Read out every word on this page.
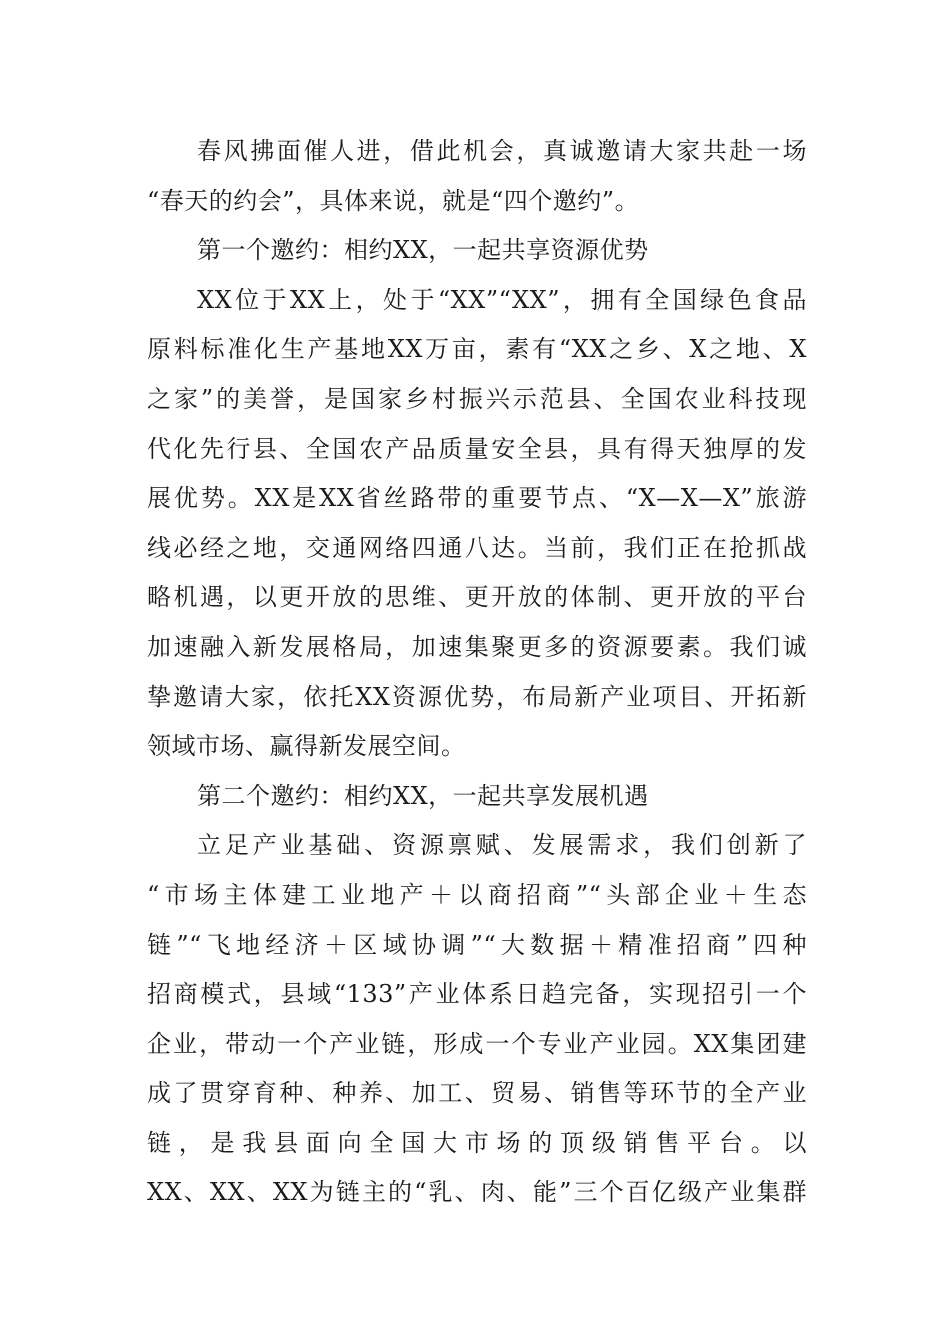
春风拂面催人进，借此机会，真诚邀请大家共赴一场
“春天的约会”，具体来说，就是“四个邀约”。
第一个邀约：相约XX，一起共享资源优势
XX位于XX上，处于“XX”“XX”，拥有全国绿色食品
原料标准化生产基地XX万亩，素有“XX之乡、X之地、X
之家”的美誉，是国家乡村振兴示范县、全国农业科技现
代化先行县、全国农产品质量安全县，具有得天独厚的发
展优势。XX是XX省丝路带的重要节点、“X—X—X”旅游
线必经之地，交通网络四通八达。当前，我们正在抢抓战
略机遇，以更开放的思维、更开放的体制、更开放的平台
加速融入新发展格局，加速集聚更多的资源要素。我们诚
挚邀请大家，依托XX资源优势，布局新产业项目、开拓新
领域市场、赢得新发展空间。
第二个邀约：相约XX，一起共享发展机遇
立足产业基础、资源禀赋、发展需求，我们创新了
“市场主体建工业地产＋以商招商”“头部企业＋生态
链”“飞地经济＋区域协调”“大数据＋精准招商”四种
招商模式，县域“133”产业体系日趋完备，实现招引一个
企业，带动一个产业链，形成一个专业产业园。XX集团建
成了贯穿育种、种养、加工、贸易、销售等环节的全产业
链，是我县面向全国大市场的顶级销售平台。以
XX、XX、XX为链主的“乳、肉、能”三个百亿级产业集群
